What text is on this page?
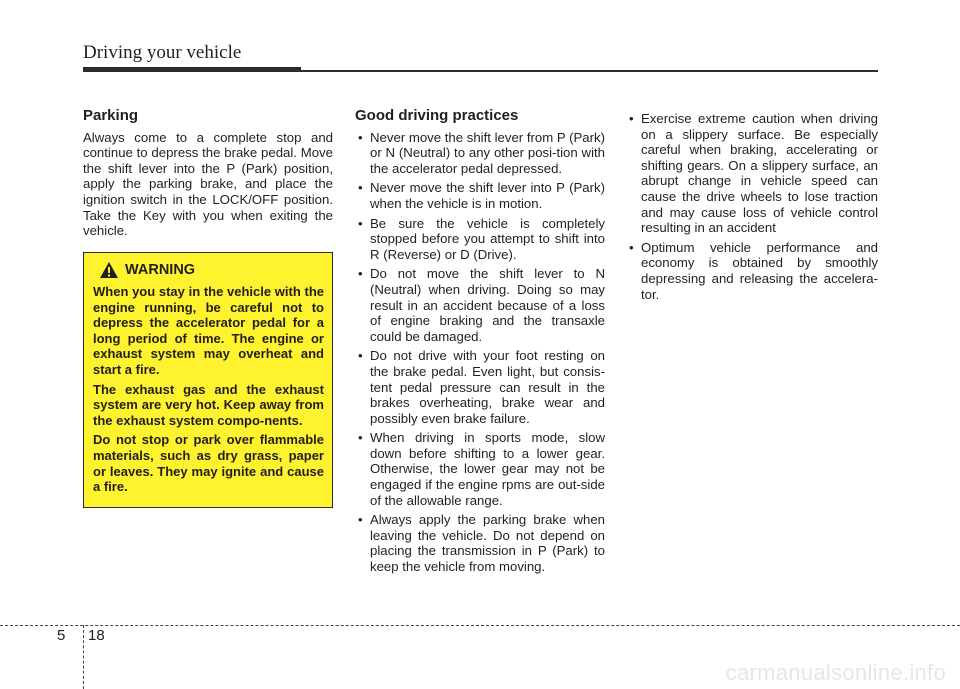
Driving your vehicle
Parking

Always come to a complete stop and continue to depress the brake pedal. Move the shift lever into the P (Park) position, apply the parking brake, and place the ignition switch in the LOCK/OFF position. Take the Key with you when exiting the vehicle.

WARNING

When you stay in the vehicle with the engine running, be careful not to depress the accelerator pedal for a long period of time. The engine or exhaust system may overheat and start a fire.

The exhaust gas and the exhaust system are very hot. Keep away from the exhaust system compo-nents.

Do not stop or park over flammable materials, such as dry grass, paper or leaves. They may ignite and cause a fire.

Good driving practices
• Never move the shift lever from P (Park) or N (Neutral) to any other posi-tion with the accelerator pedal depressed.
• Never move the shift lever into P (Park) when the vehicle is in motion.
• Be sure the vehicle is completely stopped before you attempt to shift into R (Reverse) or D (Drive).
• Do not move the shift lever to N (Neutral) when driving. Doing so may result in an accident because of a loss of engine braking and the transaxle could be damaged.
• Do not drive with your foot resting on the brake pedal. Even light, but consis-tent pedal pressure can result in the brakes overheating, brake wear and possibly even brake failure.
• When driving in sports mode, slow down before shifting to a lower gear. Otherwise, the lower gear may not be engaged if the engine rpms are out-side of the allowable range.
• Always apply the parking brake when leaving the vehicle. Do not depend on placing the transmission in P (Park) to keep the vehicle from moving.
• Exercise extreme caution when driving on a slippery surface. Be especially careful when braking, accelerating or shifting gears. On a slippery surface, an abrupt change in vehicle speed can cause the drive wheels to lose traction and may cause loss of vehicle control resulting in an accident
• Optimum vehicle performance and economy is obtained by smoothly depressing and releasing the accelera-tor.
5 18
carmanualsonline.info
